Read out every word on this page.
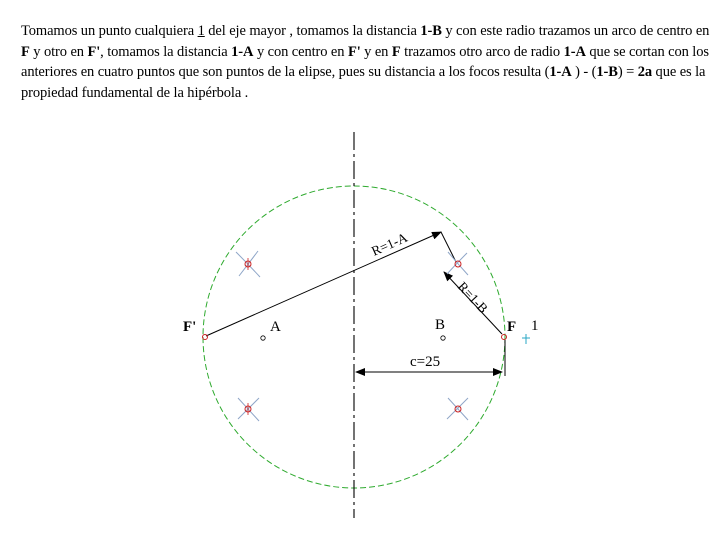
Tomamos un punto cualquiera 1 del eje mayor , tomamos la distancia 1-B y con este radio trazamos un arco de centro en F y otro en F', tomamos la distancia 1-A y con centro en F' y en F trazamos otro arco de radio 1-A que se cortan con los anteriores en cuatro puntos que son puntos de la elipse, pues su distancia a los focos resulta (1-A ) - (1-B) = 2a que es la propiedad fundamental de la hipérbola .
R=1-A
R=1-B
c=25
F'	A	B	F 1
